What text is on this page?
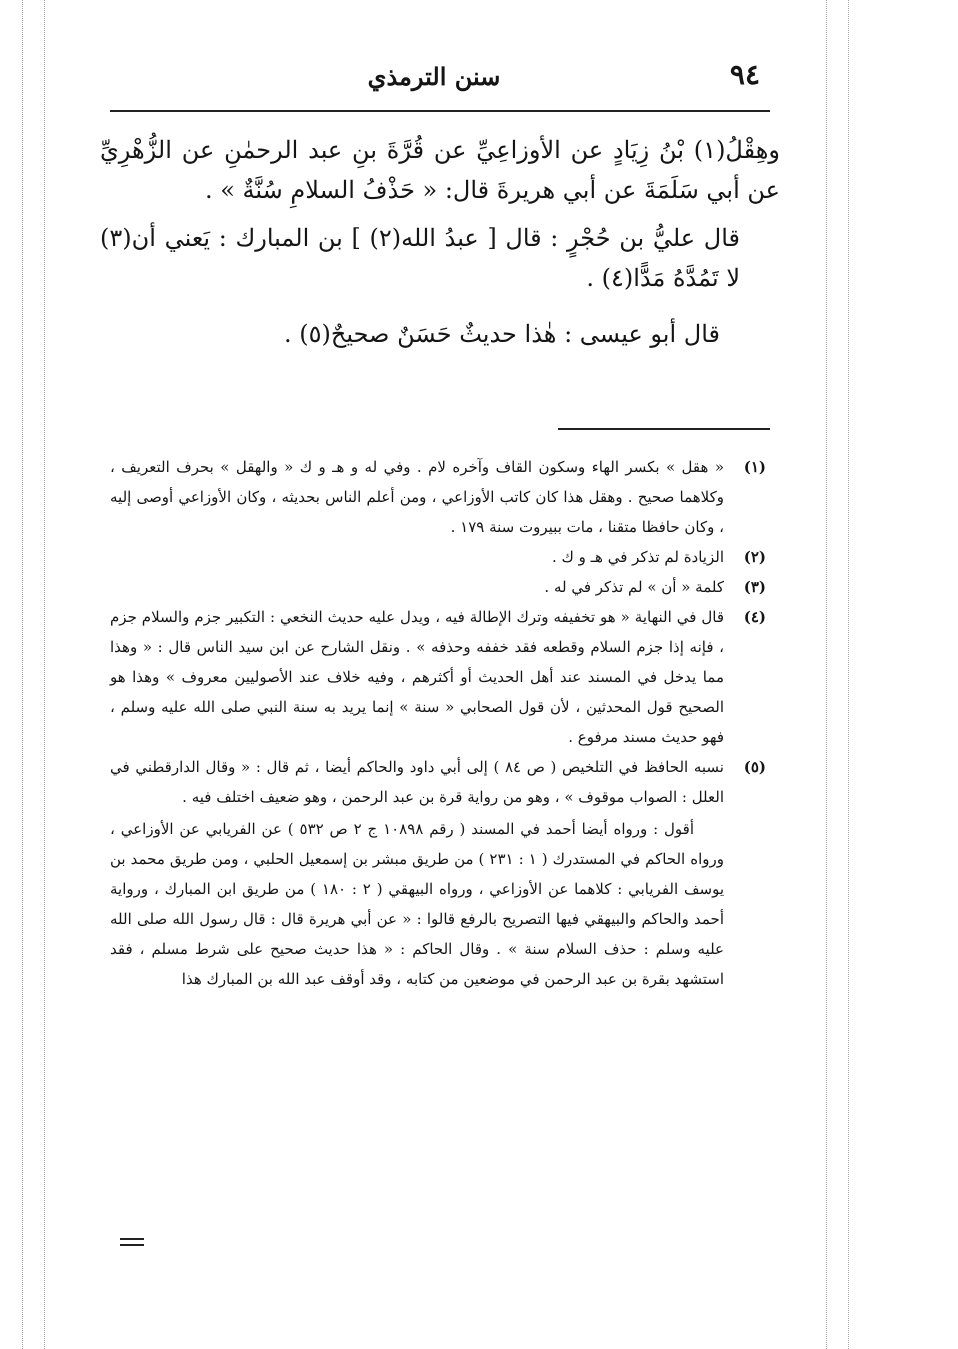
٩٤
سنن الترمذي

وهِقْلُ(١) بْنُ زِيَادٍ عن الأوزاعِيِّ عن قُرَّةَ بنِ عبد الرحمٰنِ عن الزُّهْرِيِّ عن أبي سَلَمَةَ عن أبي هريرةَ قال: « حَذْفُ السلامِ سُنَّةٌ » .

قال عليُّ بن حُجْرٍ : قال [ عبدُ الله(٢) ] بن المبارك : يَعني أن(٣) لا تَمُدَّهُ مَدًّا(٤) .

قال أبو عيسى : هٰذا حديثٌ حَسَنٌ صحيحٌ(٥) .

(١)
« هقل » بكسر الهاء وسكون القاف وآخره لام . وفي له و هـ و ك « والهقل » بحرف التعريف ، وكلاهما صحيح . وهقل هذا كان كاتب الأوزاعي ، ومن أعلم الناس بحديثه ، وكان الأوزاعي أوصى إليه ، وكان حافظا متقنا ، مات ببيروت سنة ١٧٩ .
(٢)
الزيادة لم تذكر في هـ و ك .
(٣)
كلمة « أن » لم تذكر في له .
(٤)
قال في النهاية « هو تخفيفه وترك الإطالة فيه ، ويدل عليه حديث النخعي : التكبير جزم والسلام جزم ، فإنه إذا جزم السلام وقطعه فقد خففه وحذفه » . ونقل الشارح عن ابن سيد الناس قال : « وهذا مما يدخل في المسند عند أهل الحديث أو أكثرهم ، وفيه خلاف عند الأصوليين معروف » وهذا هو الصحيح قول المحدثين ، لأن قول الصحابي « سنة » إنما يريد به سنة النبي صلى الله عليه وسلم ، فهو حديث مسند مرفوع .
(٥)
نسبه الحافظ في التلخيص ( ص ٨٤ ) إلى أبي داود والحاكم أيضا ، ثم قال : « وقال الدارقطني في العلل : الصواب موقوف » ، وهو من رواية قرة بن عبد الرحمن ، وهو ضعيف اختلف فيه .

أقول : ورواه أيضا أحمد في المسند ( رقم ١٠٨٩٨ ج ٢ ص ٥٣٢ ) عن الفريابي عن الأوزاعي ، ورواه الحاكم في المستدرك ( ١ : ٢٣١ ) من طريق مبشر بن إسمعيل الحلبي ، ومن طريق محمد بن يوسف الفريابي : كلاهما عن الأوزاعي ، ورواه البيهقي ( ٢ : ١٨٠ ) من طريق ابن المبارك ، ورواية أحمد والحاكم والبيهقي فيها التصريح بالرفع قالوا : « عن أبي هريرة قال : قال رسول الله صلى الله عليه وسلم : حذف السلام سنة » . وقال الحاكم : « هذا حديث صحيح على شرط مسلم ، فقد استشهد بقرة بن عبد الرحمن في موضعين من كتابه ، وقد أوقف عبد الله بن المبارك هذا
